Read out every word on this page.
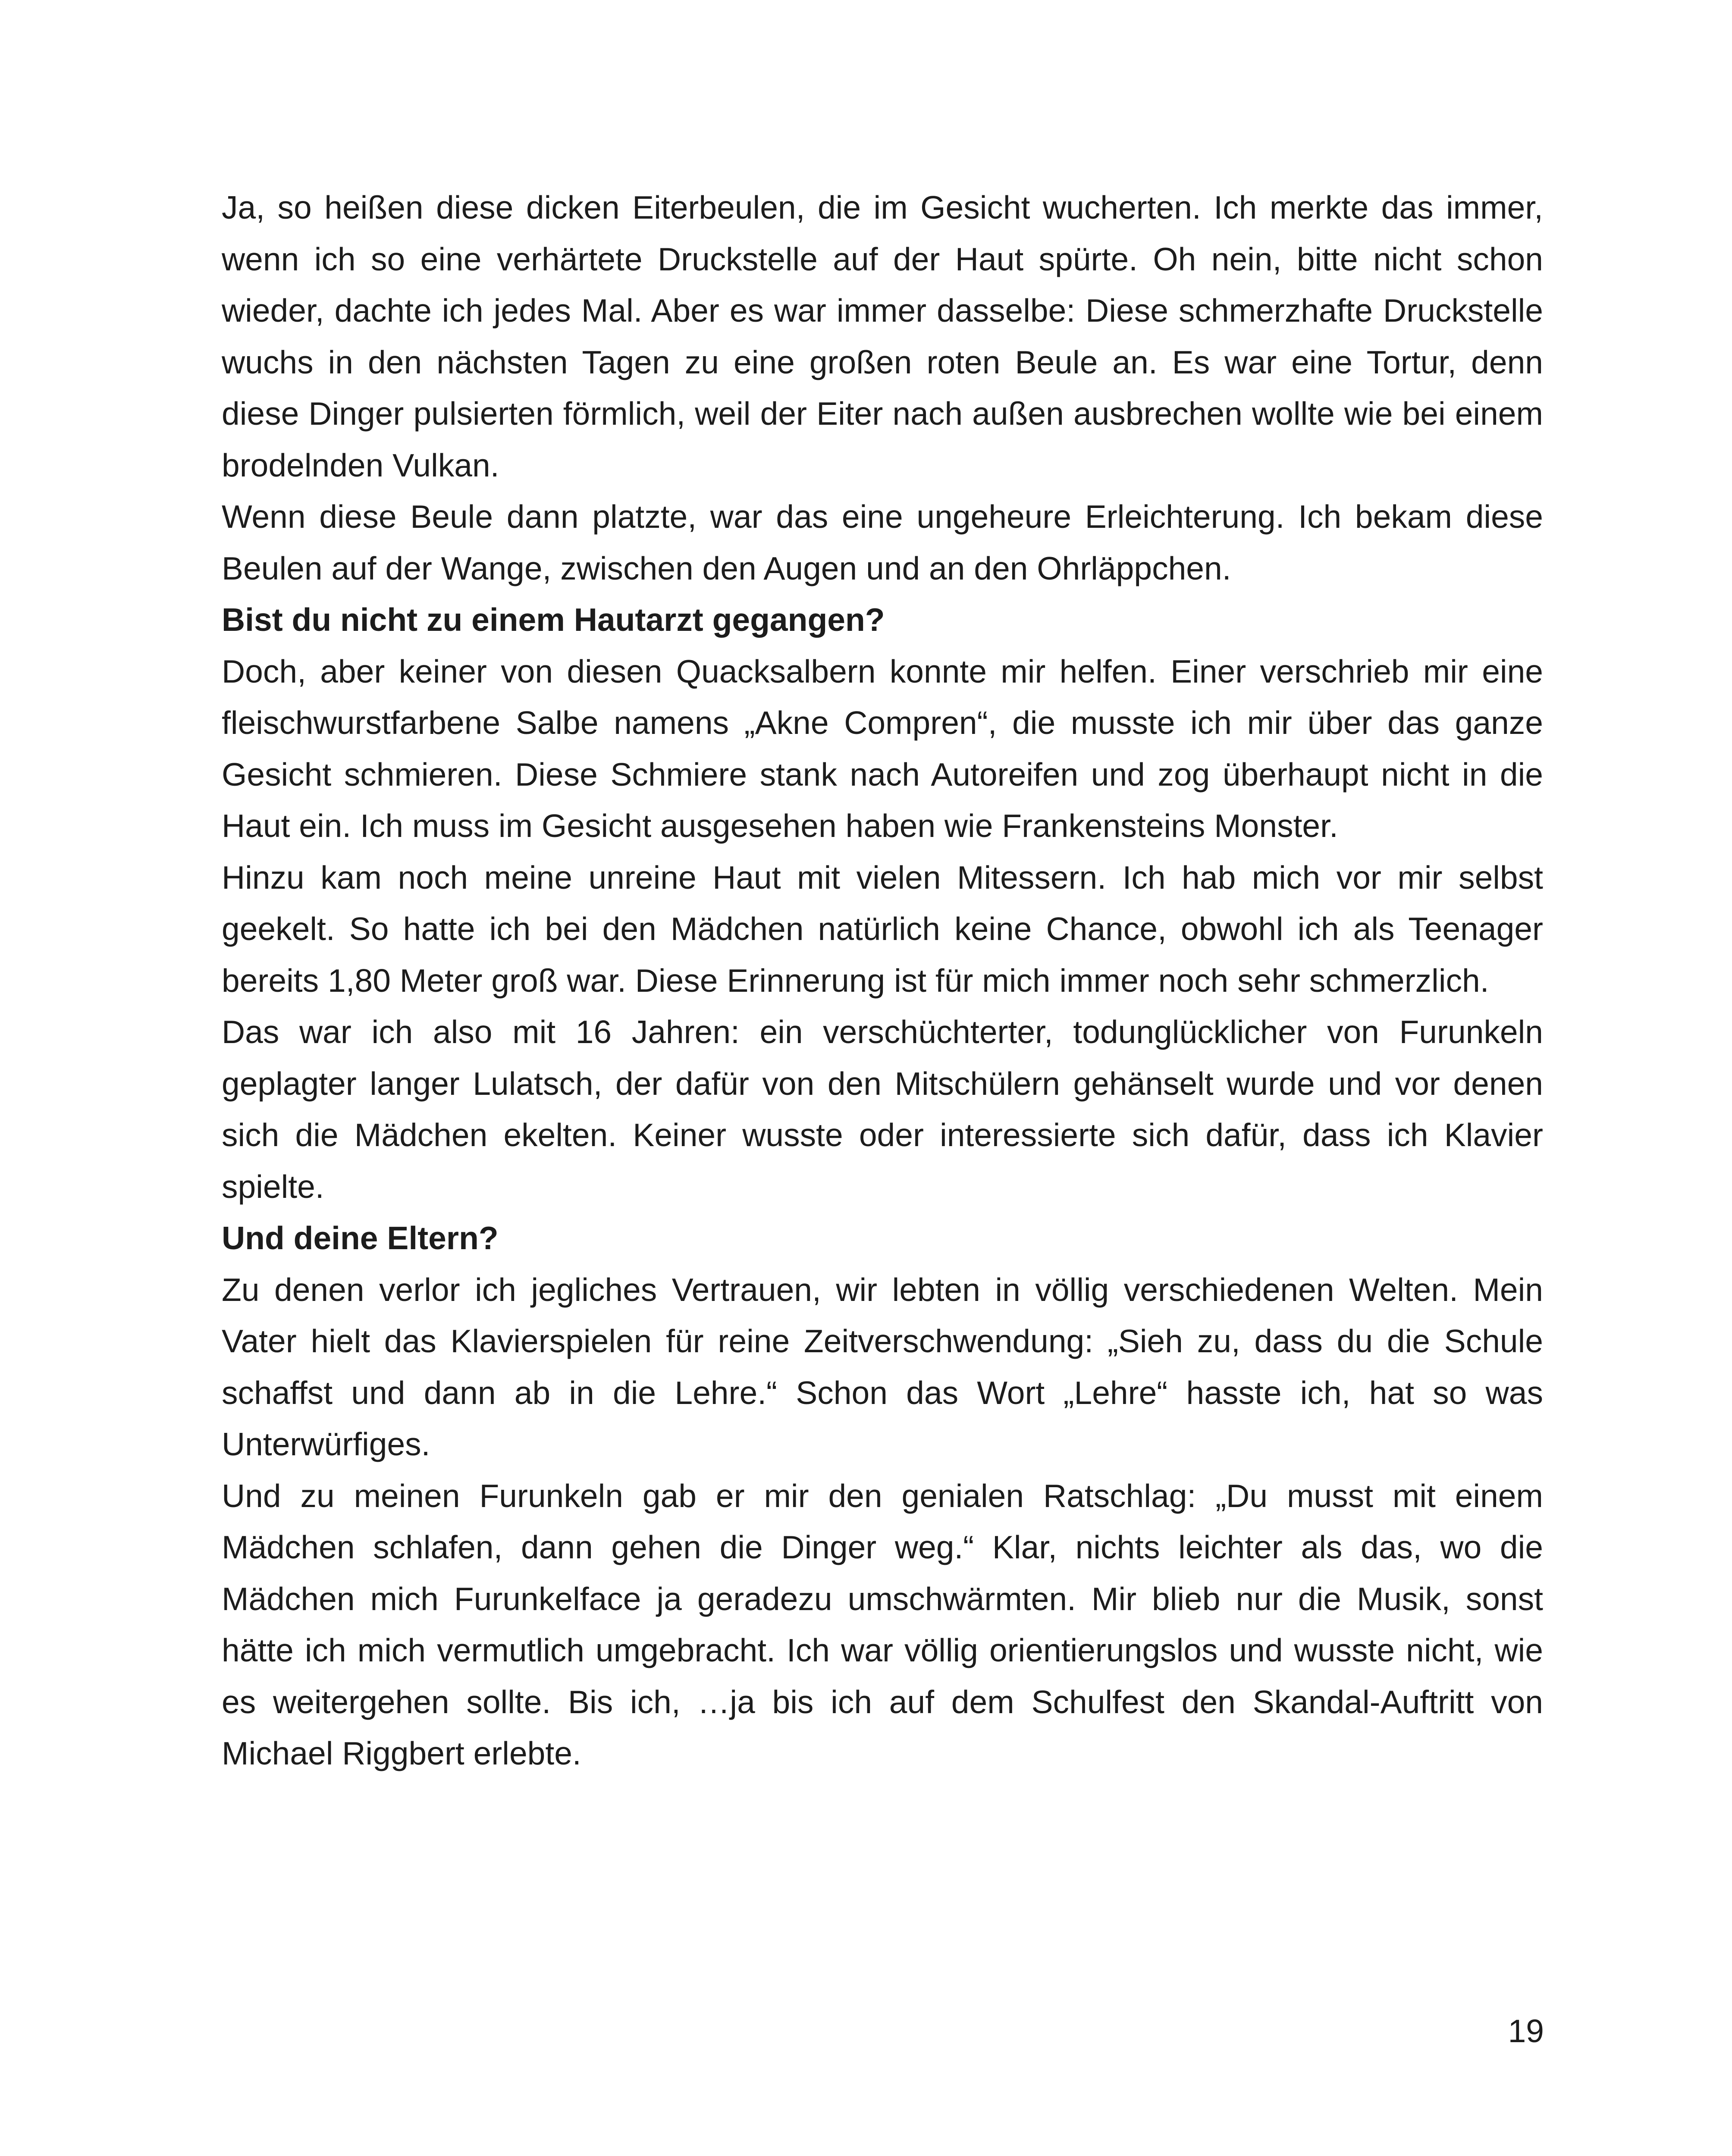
Ja, so heißen diese dicken Eiterbeulen, die im Gesicht wucherten. Ich merkte das immer, wenn ich so eine verhärtete Druckstelle auf der Haut spürte. Oh nein, bitte nicht schon wieder, dachte ich jedes Mal. Aber es war immer dasselbe: Diese schmerzhafte Druckstelle wuchs in den nächsten Tagen zu eine großen roten Beule an. Es war eine Tortur, denn diese Dinger pulsierten förmlich, weil der Eiter nach außen ausbrechen wollte wie bei einem brodelnden Vulkan.

Wenn diese Beule dann platzte, war das eine ungeheure Erleichterung. Ich bekam diese Beulen auf der Wange, zwischen den Augen und an den Ohrläppchen.

Bist du nicht zu einem Hautarzt gegangen?

Doch, aber keiner von diesen Quacksalbern konnte mir helfen. Einer verschrieb mir eine fleischwurstfarbene Salbe namens „Akne Compren“, die musste ich mir über das ganze Gesicht schmieren. Diese Schmiere stank nach Autoreifen und zog überhaupt nicht in die Haut ein. Ich muss im Gesicht ausgesehen haben wie Frankensteins Monster.

Hinzu kam noch meine unreine Haut mit vielen Mitessern. Ich hab mich vor mir selbst geekelt. So hatte ich bei den Mädchen natürlich keine Chance, obwohl ich als Teenager bereits 1,80 Meter groß war. Diese Erinnerung ist für mich immer noch sehr schmerzlich.

Das war ich also mit 16 Jahren: ein verschüchterter, todunglücklicher von Furunkeln geplagter langer Lulatsch, der dafür von den Mitschülern gehänselt wurde und vor denen sich die Mädchen ekelten. Keiner wusste oder interessierte sich dafür, dass ich Klavier spielte.

Und deine Eltern?

Zu denen verlor ich jegliches Vertrauen, wir lebten in völlig verschiedenen Welten. Mein Vater hielt das Klavierspielen für reine Zeitverschwendung: „Sieh zu, dass du die Schule schaffst und dann ab in die Lehre.“ Schon das Wort „Lehre“ hasste ich, hat so was Unterwürfiges.

Und zu meinen Furunkeln gab er mir den genialen Ratschlag: „Du musst mit einem Mädchen schlafen, dann gehen die Dinger weg.“ Klar, nichts leichter als das, wo die Mädchen mich Furunkelface ja geradezu umschwärmten. Mir blieb nur die Musik, sonst hätte ich mich vermutlich umgebracht. Ich war völlig orientierungslos und wusste nicht, wie es weitergehen sollte. Bis ich, …ja bis ich auf dem Schulfest den Skandal-Auftritt von Michael Riggbert erlebte.

19
